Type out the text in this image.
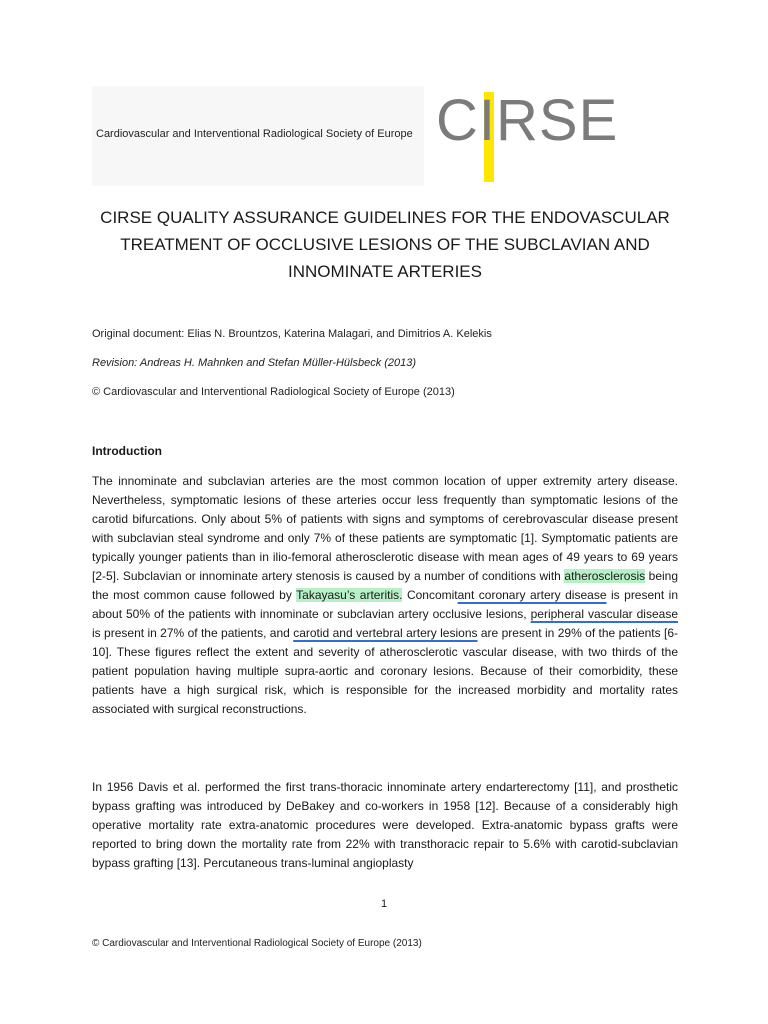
Cardiovascular and Interventional Radiological Society of Europe CIRSE
CIRSE QUALITY ASSURANCE GUIDELINES FOR THE ENDOVASCULAR TREATMENT OF OCCLUSIVE LESIONS OF THE SUBCLAVIAN AND INNOMINATE ARTERIES
Original document: Elias N. Brountzos, Katerina Malagari, and Dimitrios A. Kelekis
Revision: Andreas H. Mahnken and Stefan Müller-Hülsbeck (2013)
© Cardiovascular and Interventional Radiological Society of Europe (2013)
Introduction
The innominate and subclavian arteries are the most common location of upper extremity artery disease. Nevertheless, symptomatic lesions of these arteries occur less frequently than symptomatic lesions of the carotid bifurcations. Only about 5% of patients with signs and symptoms of cerebrovascular disease present with subclavian steal syndrome and only 7% of these patients are symptomatic [1]. Symptomatic patients are typically younger patients than in ilio-femoral atherosclerotic disease with mean ages of 49 years to 69 years [2-5]. Subclavian or innominate artery stenosis is caused by a number of conditions with atherosclerosis being the most common cause followed by Takayasu’s arteritis. Concomitant coronary artery disease is present in about 50% of the patients with innominate or subclavian artery occlusive lesions, peripheral vascular disease is present in 27% of the patients, and carotid and vertebral artery lesions are present in 29% of the patients [6-10]. These figures reflect the extent and severity of atherosclerotic vascular disease, with two thirds of the patient population having multiple supra-aortic and coronary lesions. Because of their comorbidity, these patients have a high surgical risk, which is responsible for the increased morbidity and mortality rates associated with surgical reconstructions.
In 1956 Davis et al. performed the first trans-thoracic innominate artery endarterectomy [11], and prosthetic bypass grafting was introduced by DeBakey and co-workers in 1958 [12]. Because of a considerably high operative mortality rate extra-anatomic procedures were developed. Extra-anatomic bypass grafts were reported to bring down the mortality rate from 22% with transthoracic repair to 5.6% with carotid-subclavian bypass grafting [13]. Percutaneous trans-luminal angioplasty
1
© Cardiovascular and Interventional Radiological Society of Europe (2013)
